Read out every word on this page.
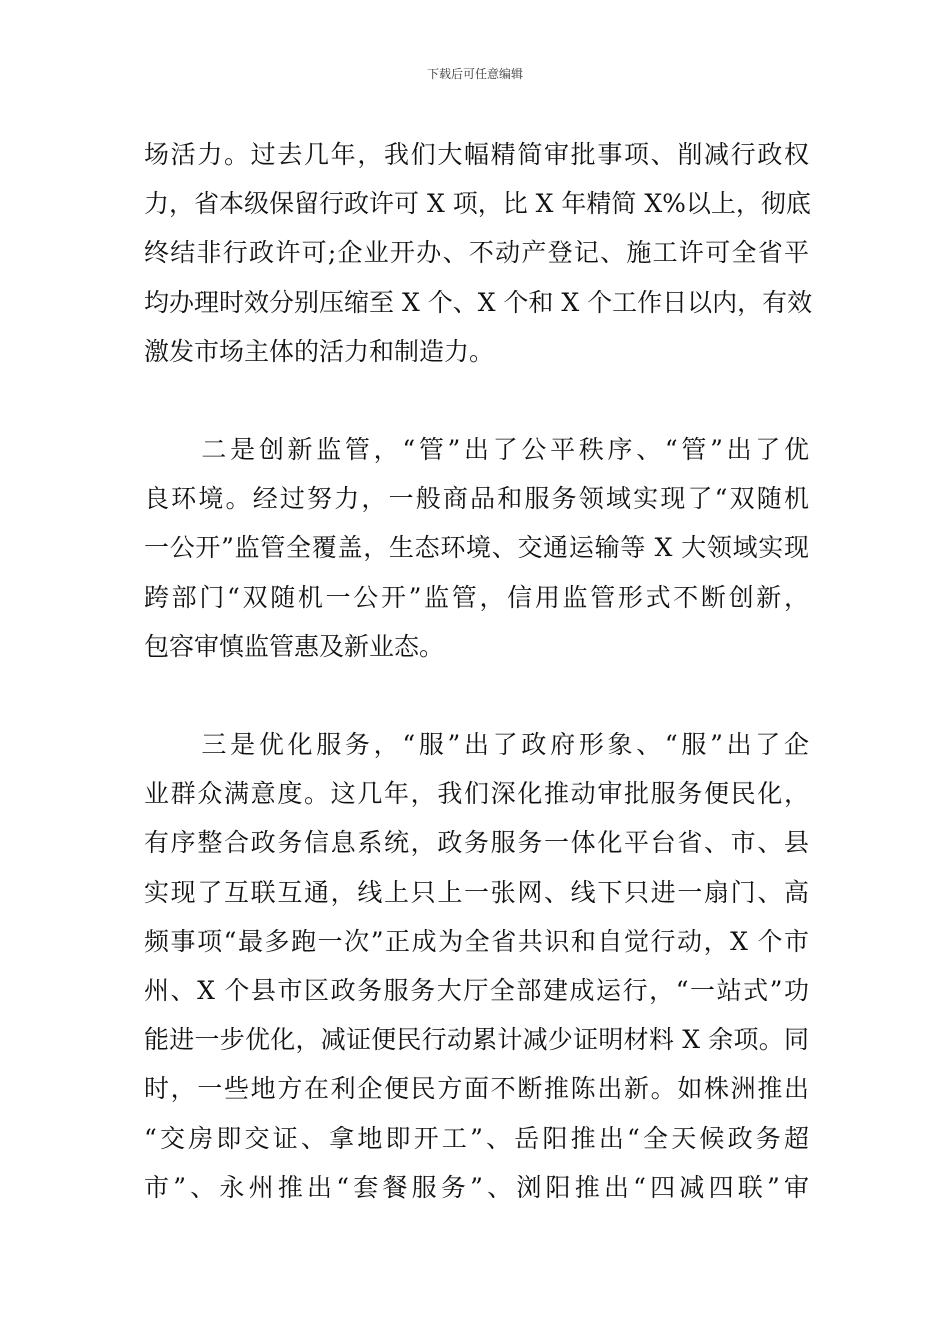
下载后可任意编辑

场活力。过去几年，我们大幅精简审批事项、削减行政权
力，省本级保留行政许可 X 项，比 X 年精简 X%以上，彻底
终结非行政许可;企业开办、不动产登记、施工许可全省平
均办理时效分别压缩至 X 个、X 个和 X 个工作日以内，有效
激发市场主体的活力和制造力。

　　二是创新监管，“管”出了公平秩序、“管”出了优
良环境。经过努力，一般商品和服务领域实现了“双随机
一公开”监管全覆盖，生态环境、交通运输等 X 大领域实现
跨部门“双随机一公开”监管，信用监管形式不断创新，
包容审慎监管惠及新业态。

　　三是优化服务，“服”出了政府形象、“服”出了企
业群众满意度。这几年，我们深化推动审批服务便民化，
有序整合政务信息系统，政务服务一体化平台省、市、县
实现了互联互通，线上只上一张网、线下只进一扇门、高
频事项“最多跑一次”正成为全省共识和自觉行动，X 个市
州、X 个县市区政务服务大厅全部建成运行，“一站式”功
能进一步优化，减证便民行动累计减少证明材料 X 余项。同
时，一些地方在利企便民方面不断推陈出新。如株洲推出
“交房即交证、拿地即开工”、岳阳推出“全天候政务超
市”、永州推出“套餐服务”、浏阳推出“四减四联”审
